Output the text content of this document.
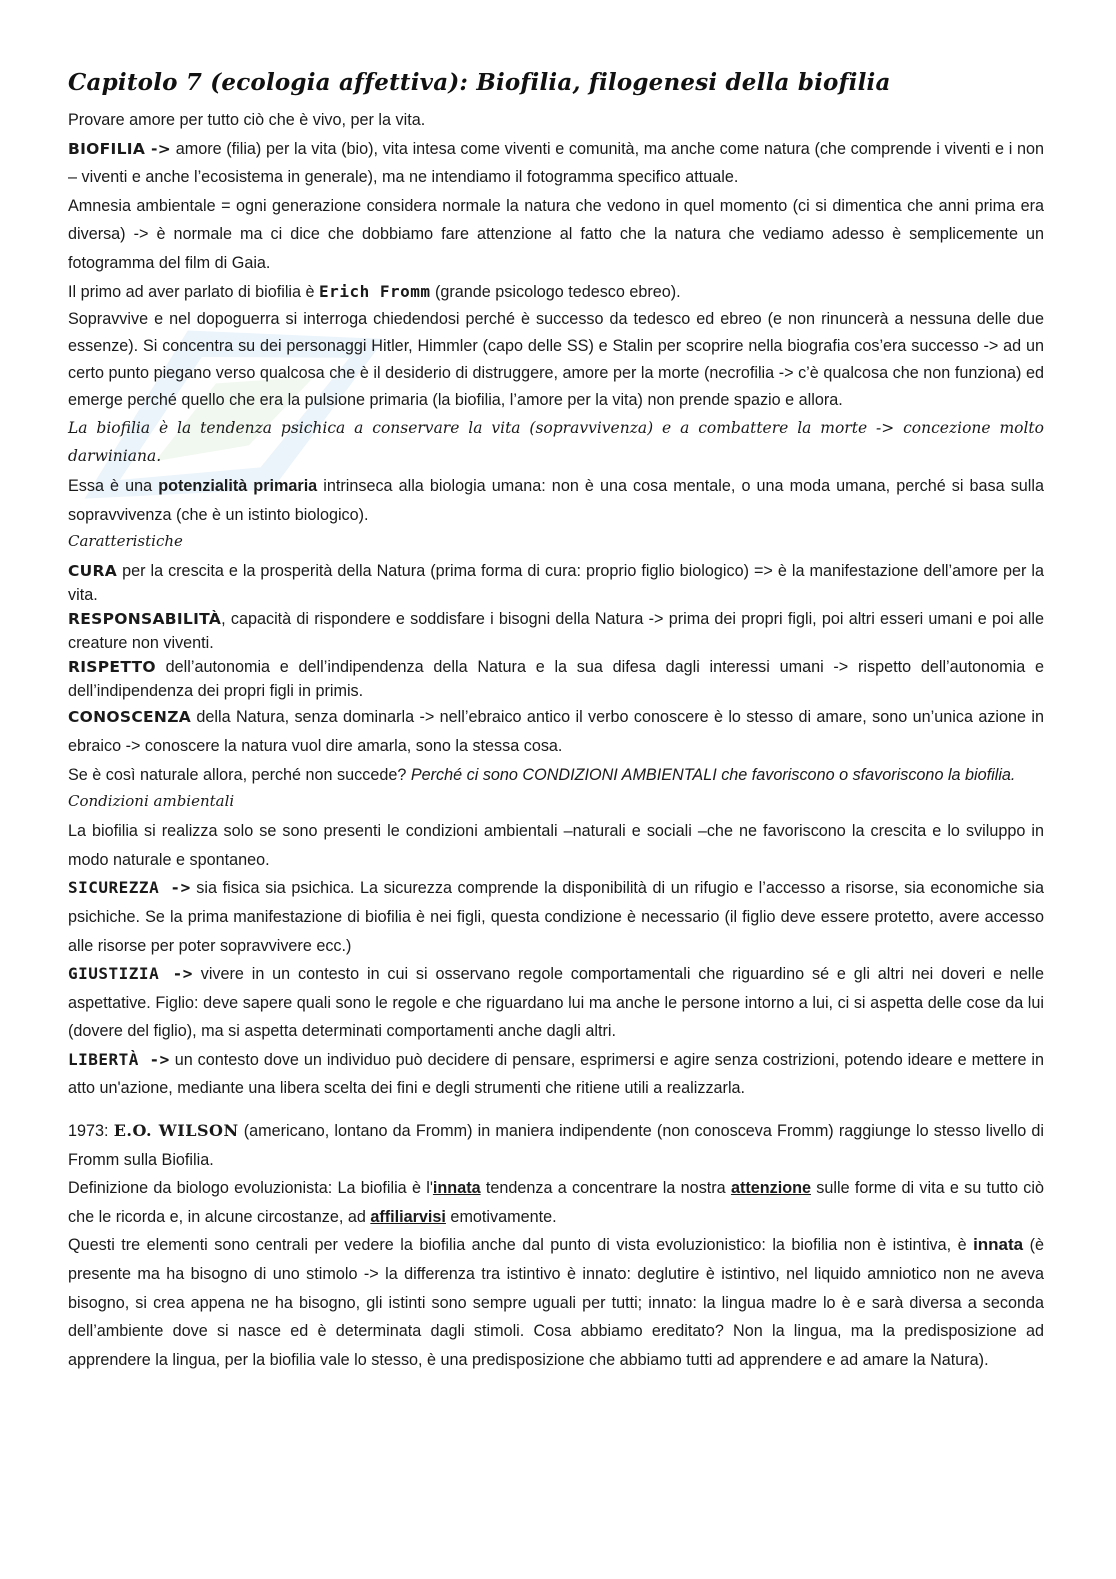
Capitolo 7 (ecologia affettiva): Biofilia, filogenesi della biofilia

Provare amore per tutto ciò che è vivo, per la vita.

BIOFILIA -> amore (filia) per la vita (bio), vita intesa come viventi e comunità, ma anche come natura (che comprende i viventi e i non – viventi e anche l’ecosistema in generale), ma ne intendiamo il fotogramma specifico attuale.

Amnesia ambientale = ogni generazione considera normale la natura che vedono in quel momento (ci si dimentica che anni prima era diversa) -> è normale ma ci dice che dobbiamo fare attenzione al fatto che la natura che vediamo adesso è semplicemente un fotogramma del film di Gaia.

Il primo ad aver parlato di biofilia è Erich Fromm (grande psicologo tedesco ebreo).

Sopravvive e nel dopoguerra si interroga chiedendosi perché è successo da tedesco ed ebreo (e non rinuncerà a nessuna delle due essenze). Si concentra su dei personaggi Hitler, Himmler (capo delle SS) e Stalin per scoprire nella biografia cos’era successo -> ad un certo punto piegano verso qualcosa che è il desiderio di distruggere, amore per la morte (necrofilia -> c’è qualcosa che non funziona) ed emerge perché quello che era la pulsione primaria (la biofilia, l’amore per la vita) non prende spazio e allora.

La biofilia è la tendenza psichica a conservare la vita (sopravvivenza) e a combattere la morte -> concezione molto darwiniana.

Essa è una potenzialità primaria intrinseca alla biologia umana: non è una cosa mentale, o una moda umana, perché si basa sulla sopravvivenza (che è un istinto biologico).

Caratteristiche

CURA per la crescita e la prosperità della Natura (prima forma di cura: proprio figlio biologico) => è la manifestazione dell’amore per la vita.

RESPONSABILITÀ, capacità di rispondere e soddisfare i bisogni della Natura -> prima dei propri figli, poi altri esseri umani e poi alle creature non viventi.

RISPETTO dell’autonomia e dell’indipendenza della Natura e la sua difesa dagli interessi umani -> rispetto dell’autonomia e dell’indipendenza dei propri figli in primis.

CONOSCENZA della Natura, senza dominarla -> nell’ebraico antico il verbo conoscere è lo stesso di amare, sono un’unica azione in ebraico -> conoscere la natura vuol dire amarla, sono la stessa cosa.

Se è così naturale allora, perché non succede? Perché ci sono CONDIZIONI AMBIENTALI che favoriscono o sfavoriscono la biofilia.

Condizioni ambientali

La biofilia si realizza solo se sono presenti le condizioni ambientali –naturali e sociali –che ne favoriscono la crescita e lo sviluppo in modo naturale e spontaneo.

SICUREZZA -> sia fisica sia psichica. La sicurezza comprende la disponibilità di un rifugio e l’accesso a risorse, sia economiche sia psichiche. Se la prima manifestazione di biofilia è nei figli, questa condizione è necessario (il figlio deve essere protetto, avere accesso alle risorse per poter sopravvivere ecc.)

GIUSTIZIA -> vivere in un contesto in cui si osservano regole comportamentali che riguardino sé e gli altri nei doveri e nelle aspettative. Figlio: deve sapere quali sono le regole e che riguardano lui ma anche le persone intorno a lui, ci si aspetta delle cose da lui (dovere del figlio), ma si aspetta determinati comportamenti anche dagli altri.

LIBERTÀ -> un contesto dove un individuo può decidere di pensare, esprimersi e agire senza costrizioni, potendo ideare e mettere in atto un'azione, mediante una libera scelta dei fini e degli strumenti che ritiene utili a realizzarla.

1973: E.O. WILSON (americano, lontano da Fromm) in maniera indipendente (non conosceva Fromm) raggiunge lo stesso livello di Fromm sulla Biofilia.

Definizione da biologo evoluzionista: La biofilia è l'innata tendenza a concentrare la nostra attenzione sulle forme di vita e su tutto ciò che le ricorda e, in alcune circostanze, ad affiliarvisi emotivamente.

Questi tre elementi sono centrali per vedere la biofilia anche dal punto di vista evoluzionistico: la biofilia non è istintiva, è innata (è presente ma ha bisogno di uno stimolo -> la differenza tra istintivo è innato: deglutire è istintivo, nel liquido amniotico non ne aveva bisogno, si crea appena ne ha bisogno, gli istinti sono sempre uguali per tutti; innato: la lingua madre lo è e sarà diversa a seconda dell’ambiente dove si nasce ed è determinata dagli stimoli. Cosa abbiamo ereditato? Non la lingua, ma la predisposizione ad apprendere la lingua, per la biofilia vale lo stesso, è una predisposizione che abbiamo tutti ad apprendere e ad amare la Natura).
